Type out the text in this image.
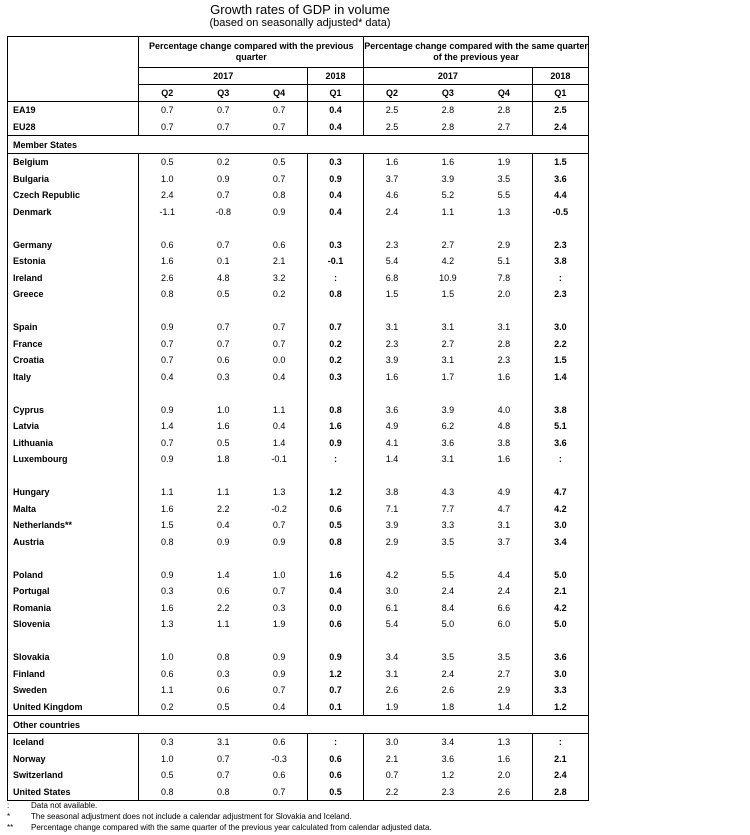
Growth rates of GDP in volume
(based on seasonally adjusted* data)
	Percentage change compared with the previous quarter				Percentage change compared with the same quarter of the previous year			
	2017			2018	2017			2018
	Q2	Q3	Q4	Q1	Q2	Q3	Q4	Q1
EA19	0.7	0.7	0.7	0.4	2.5	2.8	2.8	2.5
EU28	0.7	0.7	0.7	0.4	2.5	2.8	2.7	2.4
Member States								
Belgium	0.5	0.2	0.5	0.3	1.6	1.6	1.9	1.5
Bulgaria	1.0	0.9	0.7	0.9	3.7	3.9	3.5	3.6
Czech Republic	2.4	0.7	0.8	0.4	4.6	5.2	5.5	4.4
Denmark	-1.1	-0.8	0.9	0.4	2.4	1.1	1.3	-0.5

Germany	0.6	0.7	0.6	0.3	2.3	2.7	2.9	2.3
Estonia	1.6	0.1	2.1	-0.1	5.4	4.2	5.1	3.8
Ireland	2.6	4.8	3.2	:	6.8	10.9	7.8	:
Greece	0.8	0.5	0.2	0.8	1.5	1.5	2.0	2.3

Spain	0.9	0.7	0.7	0.7	3.1	3.1	3.1	3.0
France	0.7	0.7	0.7	0.2	2.3	2.7	2.8	2.2
Croatia	0.7	0.6	0.0	0.2	3.9	3.1	2.3	1.5
Italy	0.4	0.3	0.4	0.3	1.6	1.7	1.6	1.4

Cyprus	0.9	1.0	1.1	0.8	3.6	3.9	4.0	3.8
Latvia	1.4	1.6	0.4	1.6	4.9	6.2	4.8	5.1
Lithuania	0.7	0.5	1.4	0.9	4.1	3.6	3.8	3.6
Luxembourg	0.9	1.8	-0.1	:	1.4	3.1	1.6	:

Hungary	1.1	1.1	1.3	1.2	3.8	4.3	4.9	4.7
Malta	1.6	2.2	-0.2	0.6	7.1	7.7	4.7	4.2
Netherlands**	1.5	0.4	0.7	0.5	3.9	3.3	3.1	3.0
Austria	0.8	0.9	0.9	0.8	2.9	3.5	3.7	3.4

Poland	0.9	1.4	1.0	1.6	4.2	5.5	4.4	5.0
Portugal	0.3	0.6	0.7	0.4	3.0	2.4	2.4	2.1
Romania	1.6	2.2	0.3	0.0	6.1	8.4	6.6	4.2
Slovenia	1.3	1.1	1.9	0.6	5.4	5.0	6.0	5.0

Slovakia	1.0	0.8	0.9	0.9	3.4	3.5	3.5	3.6
Finland	0.6	0.3	0.9	1.2	3.1	2.4	2.7	3.0
Sweden	1.1	0.6	0.7	0.7	2.6	2.6	2.9	3.3
United Kingdom	0.2	0.5	0.4	0.1	1.9	1.8	1.4	1.2
Other countries								
Iceland	0.3	3.1	0.6	:	3.0	3.4	1.3	:
Norway	1.0	0.7	-0.3	0.6	2.1	3.6	1.6	2.1
Switzerland	0.5	0.7	0.6	0.6	0.7	1.2	2.0	2.4
United States	0.8	0.8	0.7	0.5	2.2	2.3	2.6	2.8
:	Data not available.
*	The seasonal adjustment does not include a calendar adjustment for Slovakia and Iceland.
**	Percentage change compared with the same quarter of the previous year calculated from calendar adjusted data.
